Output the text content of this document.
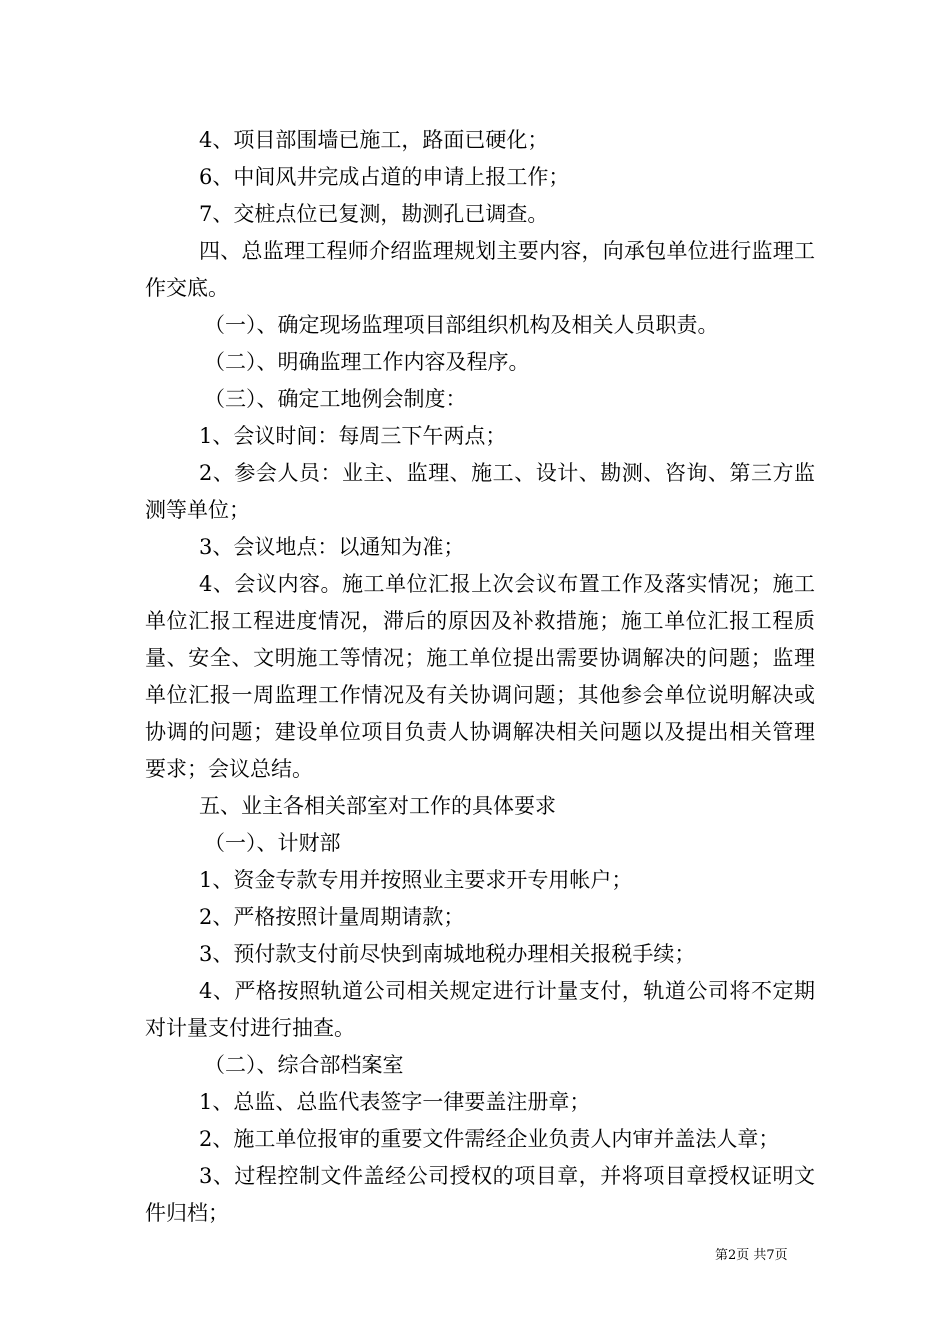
4、项目部围墙已施工，路面已硬化；

6、中间风井完成占道的申请上报工作；

7、交桩点位已复测，勘测孔已调查。

四、总监理工程师介绍监理规划主要内容，向承包单位进行监理工作交底。

（一）、确定现场监理项目部组织机构及相关人员职责。

（二）、明确监理工作内容及程序。

（三）、确定工地例会制度：

1、会议时间：每周三下午两点；

2、参会人员：业主、监理、施工、设计、勘测、咨询、第三方监测等单位；

3、会议地点：以通知为准；

4、会议内容。施工单位汇报上次会议布置工作及落实情况；施工单位汇报工程进度情况，滞后的原因及补救措施；施工单位汇报工程质量、安全、文明施工等情况；施工单位提出需要协调解决的问题；监理单位汇报一周监理工作情况及有关协调问题；其他参会单位说明解决或协调的问题；建设单位项目负责人协调解决相关问题以及提出相关管理要求；会议总结。

五、业主各相关部室对工作的具体要求

（一）、计财部

1、资金专款专用并按照业主要求开专用帐户；

2、严格按照计量周期请款；

3、预付款支付前尽快到南城地税办理相关报税手续；

4、严格按照轨道公司相关规定进行计量支付，轨道公司将不定期对计量支付进行抽查。

（二）、综合部档案室

1、总监、总监代表签字一律要盖注册章；

2、施工单位报审的重要文件需经企业负责人内审并盖法人章；

3、过程控制文件盖经公司授权的项目章，并将项目章授权证明文件归档；

第2页 共7页
